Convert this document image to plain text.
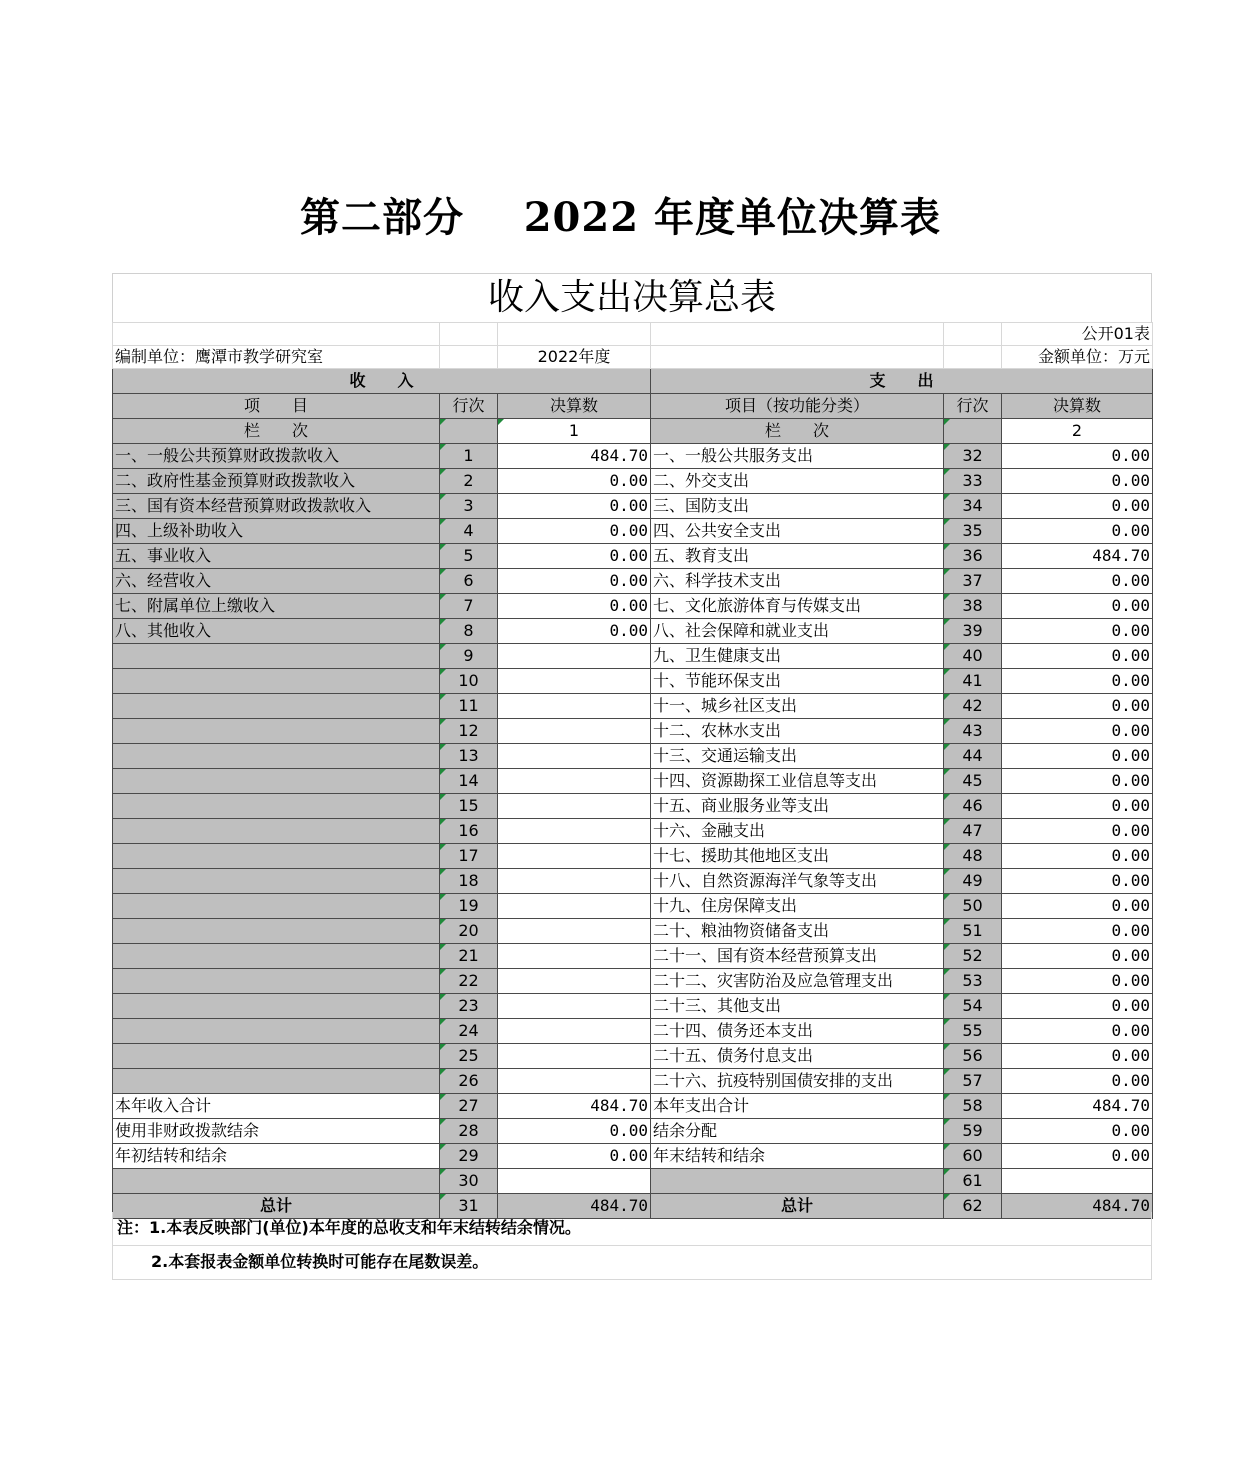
第二部分    2022 年度单位决算表
收入支出决算总表
					公开01表
编制单位：鹰潭市教学研究室		2022年度			金额单位：万元
收　　入			支　　出		
项　　目	行次	决算数	项目（按功能分类）	行次	决算数
栏　　次		1	栏　　次		2
一、一般公共预算财政拨款收入	1	484.70	一、一般公共服务支出	32	0.00
二、政府性基金预算财政拨款收入	2	0.00	二、外交支出	33	0.00
三、国有资本经营预算财政拨款收入	3	0.00	三、国防支出	34	0.00
四、上级补助收入	4	0.00	四、公共安全支出	35	0.00
五、事业收入	5	0.00	五、教育支出	36	484.70
六、经营收入	6	0.00	六、科学技术支出	37	0.00
七、附属单位上缴收入	7	0.00	七、文化旅游体育与传媒支出	38	0.00
八、其他收入	8	0.00	八、社会保障和就业支出	39	0.00
	9		九、卫生健康支出	40	0.00
	10		十、节能环保支出	41	0.00
	11		十一、城乡社区支出	42	0.00
	12		十二、农林水支出	43	0.00
	13		十三、交通运输支出	44	0.00
	14		十四、资源勘探工业信息等支出	45	0.00
	15		十五、商业服务业等支出	46	0.00
	16		十六、金融支出	47	0.00
	17		十七、援助其他地区支出	48	0.00
	18		十八、自然资源海洋气象等支出	49	0.00
	19		十九、住房保障支出	50	0.00
	20		二十、粮油物资储备支出	51	0.00
	21		二十一、国有资本经营预算支出	52	0.00
	22		二十二、灾害防治及应急管理支出	53	0.00
	23		二十三、其他支出	54	0.00
	24		二十四、债务还本支出	55	0.00
	25		二十五、债务付息支出	56	0.00
	26		二十六、抗疫特别国债安排的支出	57	0.00
本年收入合计	27	484.70	本年支出合计	58	484.70
使用非财政拨款结余	28	0.00	结余分配	59	0.00
年初结转和结余	29	0.00	年末结转和结余	60	0.00
	30			61	
总计	31	484.70	总计	62	484.70
注：1.本表反映部门(单位)本年度的总收支和年末结转结余情况。
2.本套报表金额单位转换时可能存在尾数误差。
